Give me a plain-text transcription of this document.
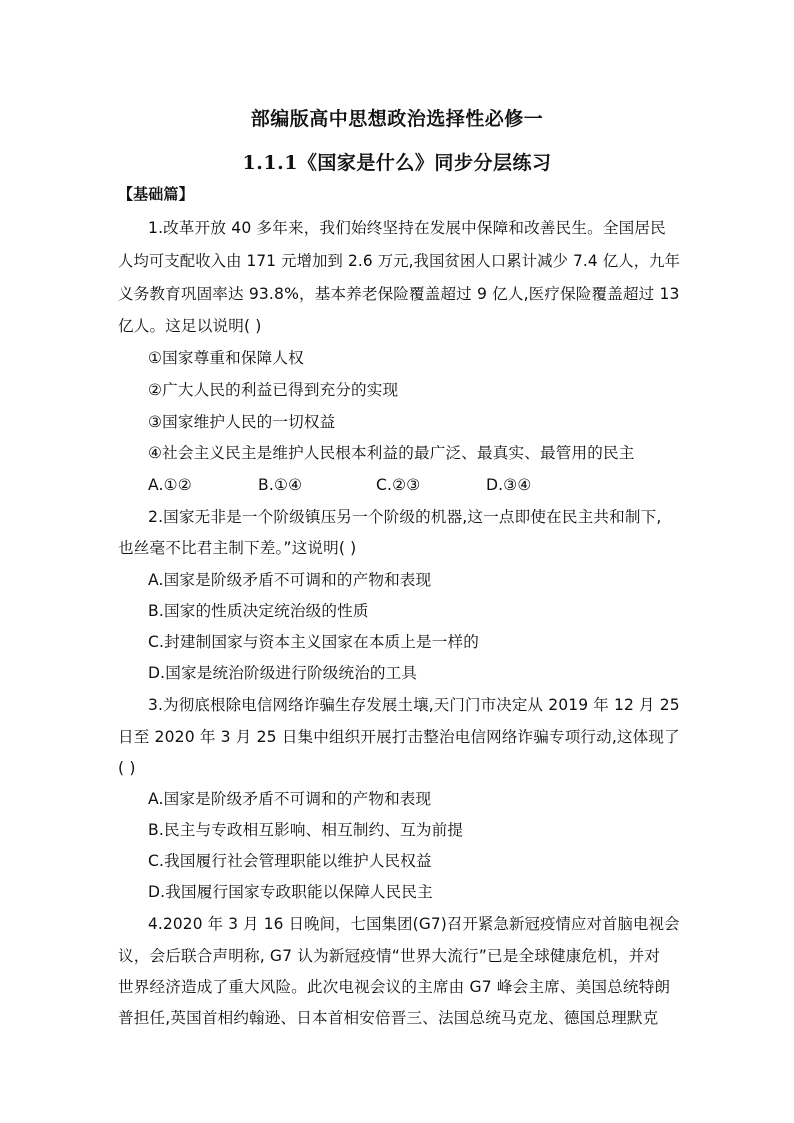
部编版高中思想政治选择性必修一
1.1.1《国家是什么》同步分层练习
【基础篇】
1.改革开放 40 多年来，我们始终坚持在发展中保障和改善民生。全国居民
人均可支配收入由 171 元增加到 2.6 万元,我国贫困人口累计减少 7.4 亿人，九年
义务教育巩固率达 93.8%，基本养老保险覆盖超过 9 亿人,医疗保险覆盖超过 13
亿人。这足以说明( )
①国家尊重和保障人权
②广大人民的利益已得到充分的实现
③国家维护人民的一切权益
④社会主义民主是维护人民根本利益的最广泛、最真实、最管用的民主
A.①②	B.①④	C.②③	D.③④
2.国家无非是一个阶级镇压另一个阶级的机器,这一点即使在民主共和制下,
也丝毫不比君主制下差。”这说明( )
A.国家是阶级矛盾不可调和的产物和表现
B.国家的性质决定统治级的性质
C.封建制国家与资本主义国家在本质上是一样的
D.国家是统治阶级进行阶级统治的工具
3.为彻底根除电信网络诈骗生存发展土壤,天门门市决定从 2019 年 12 月 25
日至 2020 年 3 月 25 日集中组织开展打击整治电信网络诈骗专项行动,这体现了
( )
A.国家是阶级矛盾不可调和的产物和表现
B.民主与专政相互影响、相互制约、互为前提
C.我国履行社会管理职能以维护人民权益
D.我国履行国家专政职能以保障人民民主
4.2020 年 3 月 16 日晚间，七国集团(G7)召开紧急新冠疫情应对首脑电视会
议，会后联合声明称, G7 认为新冠疫情“世界大流行”已是全球健康危机，并对
世界经济造成了重大风险。此次电视会议的主席由 G7 峰会主席、美国总统特朗
普担任,英国首相约翰逊、日本首相安倍晋三、法国总统马克龙、德国总理默克
